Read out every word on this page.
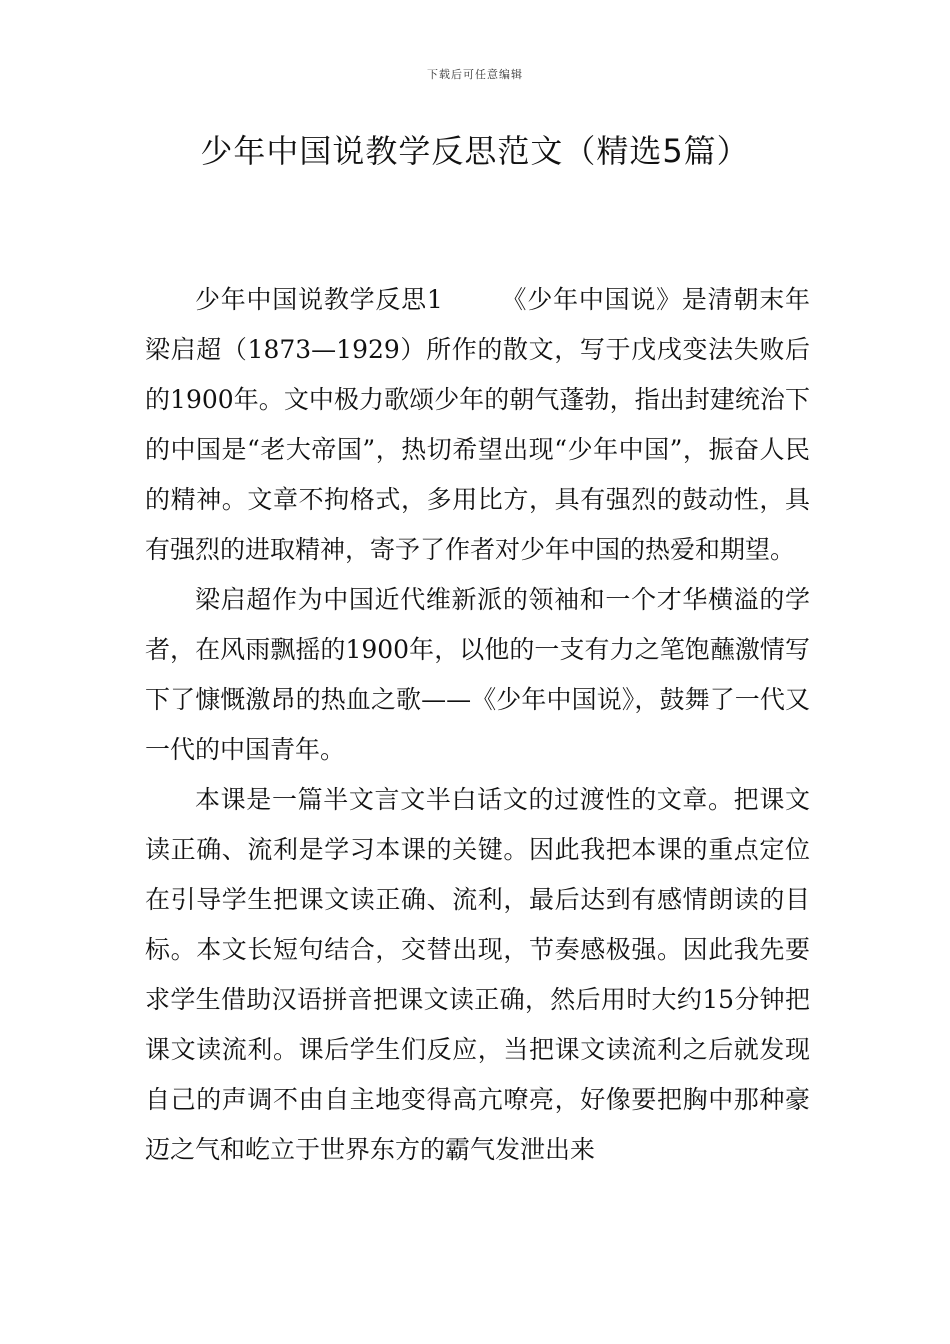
下载后可任意编辑
少年中国说教学反思范文（精选5篇）

少年中国说教学反思1 《少年中国说》是清朝末年梁启超（1873—1929）所作的散文，写于戊戌变法失败后的1900年。文中极力歌颂少年的朝气蓬勃，指出封建统治下的中国是“老大帝国”，热切希望出现“少年中国”，振奋人民的精神。文章不拘格式，多用比方，具有强烈的鼓动性，具有强烈的进取精神，寄予了作者对少年中国的热爱和期望。

梁启超作为中国近代维新派的领袖和一个才华横溢的学者，在风雨飘摇的1900年，以他的一支有力之笔饱蘸激情写下了慷慨激昂的热血之歌——《少年中国说》，鼓舞了一代又一代的中国青年。

本课是一篇半文言文半白话文的过渡性的文章。把课文读正确、流利是学习本课的关键。因此我把本课的重点定位在引导学生把课文读正确、流利，最后达到有感情朗读的目标。本文长短句结合，交替出现，节奏感极强。因此我先要求学生借助汉语拼音把课文读正确，然后用时大约15分钟把课文读流利。课后学生们反应，当把课文读流利之后就发现自己的声调不由自主地变得高亢嘹亮，好像要把胸中那种豪迈之气和屹立于世界东方的霸气发泄出来
